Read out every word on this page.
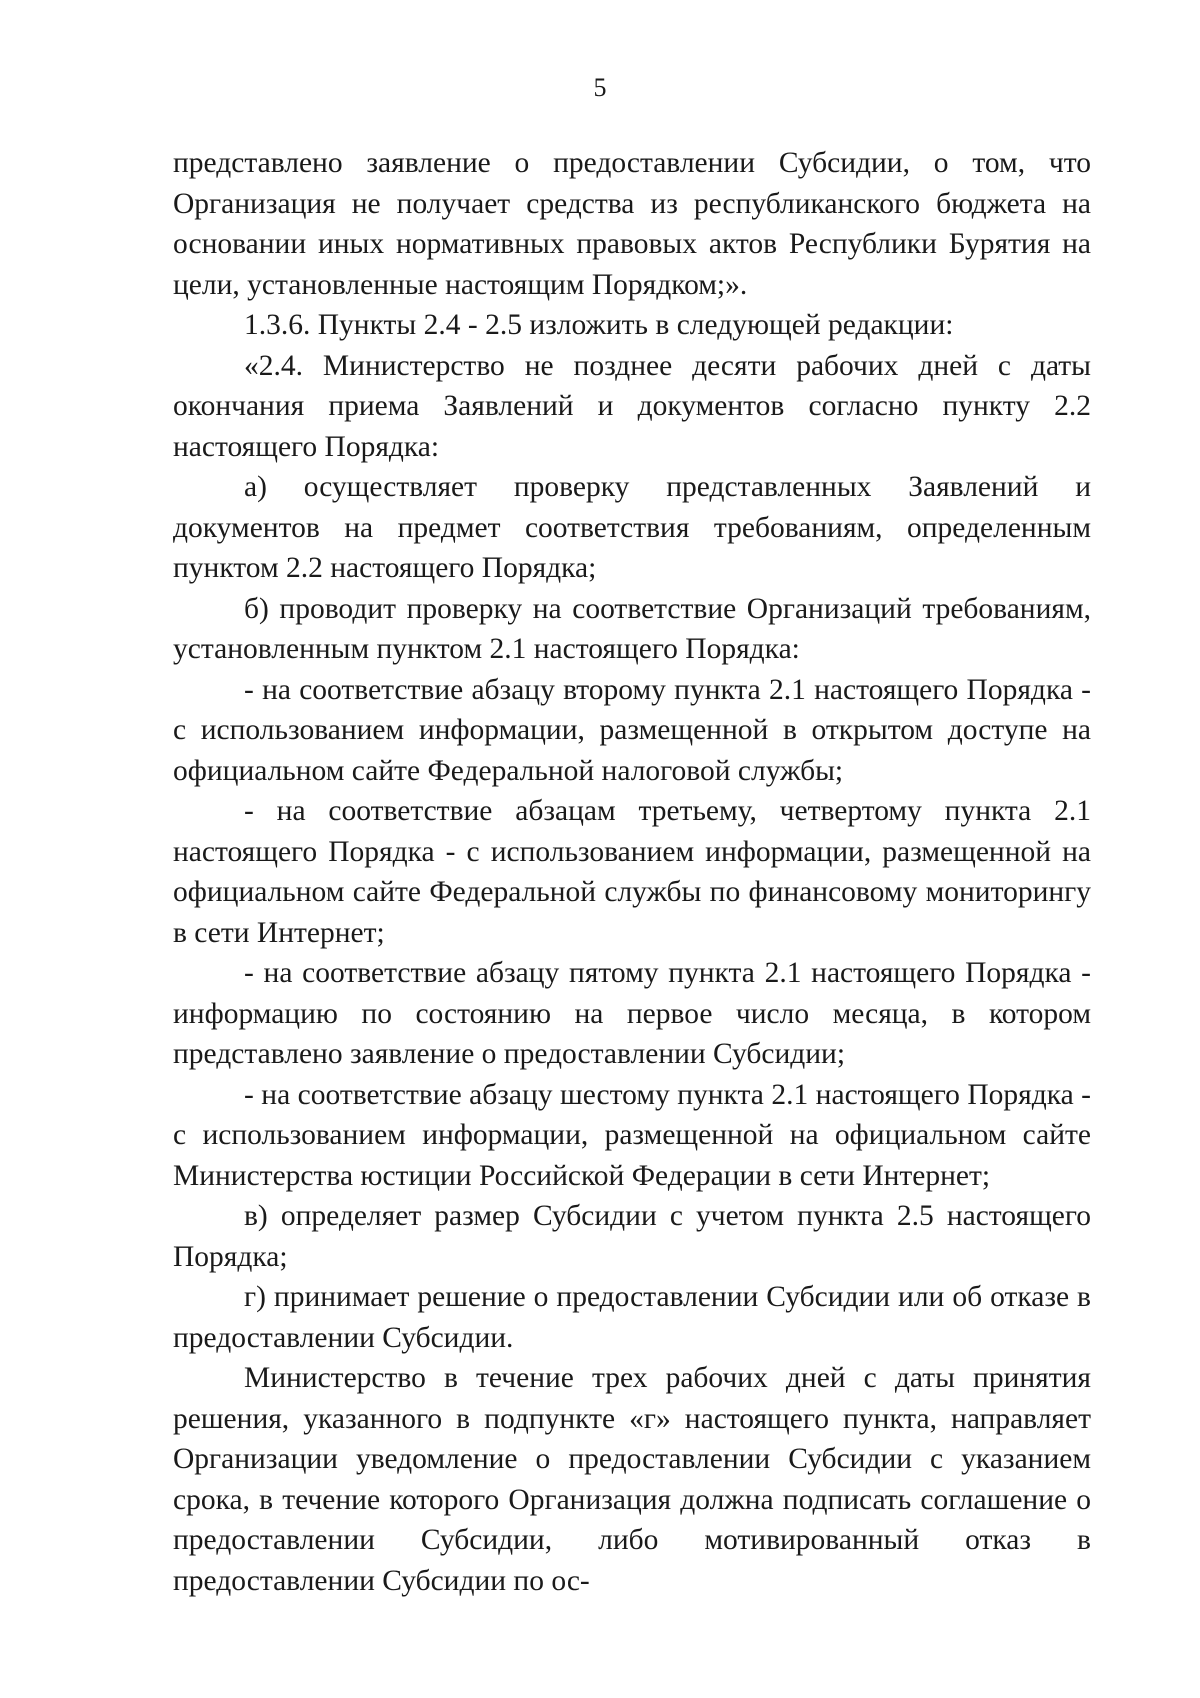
5

представлено заявление о предоставлении Субсидии, о том, что Организация не получает средства из республиканского бюджета на основании иных нормативных правовых актов Республики Бурятия на цели, установленные настоящим Порядком;».

1.3.6. Пункты 2.4 - 2.5 изложить в следующей редакции:

«2.4. Министерство не позднее десяти рабочих дней с даты окончания приема Заявлений и документов согласно пункту 2.2 настоящего Порядка:

а) осуществляет проверку представленных Заявлений и документов на предмет соответствия требованиям, определенным пунктом 2.2 настоящего Порядка;

б) проводит проверку на соответствие Организаций требованиям, установленным пунктом 2.1 настоящего Порядка:

- на соответствие абзацу второму пункта 2.1 настоящего Порядка - с использованием информации, размещенной в открытом доступе на официальном сайте Федеральной налоговой службы;

- на соответствие абзацам третьему, четвертому пункта 2.1 настоящего Порядка - с использованием информации, размещенной на официальном сайте Федеральной службы по финансовому мониторингу в сети Интернет;

- на соответствие абзацу пятому пункта 2.1 настоящего Порядка - информацию по состоянию на первое число месяца, в котором представлено заявление о предоставлении Субсидии;

- на соответствие абзацу шестому пункта 2.1 настоящего Порядка - с использованием информации, размещенной на официальном сайте Министерства юстиции Российской Федерации в сети Интернет;

в) определяет размер Субсидии с учетом пункта 2.5 настоящего Порядка;

г) принимает решение о предоставлении Субсидии или об отказе в предоставлении Субсидии.

Министерство в течение трех рабочих дней с даты принятия решения, указанного в подпункте «г» настоящего пункта, направляет Организации уведомление о предоставлении Субсидии с указанием срока, в течение которого Организация должна подписать соглашение о предоставлении Субсидии, либо мотивированный отказ в предоставлении Субсидии по ос-
